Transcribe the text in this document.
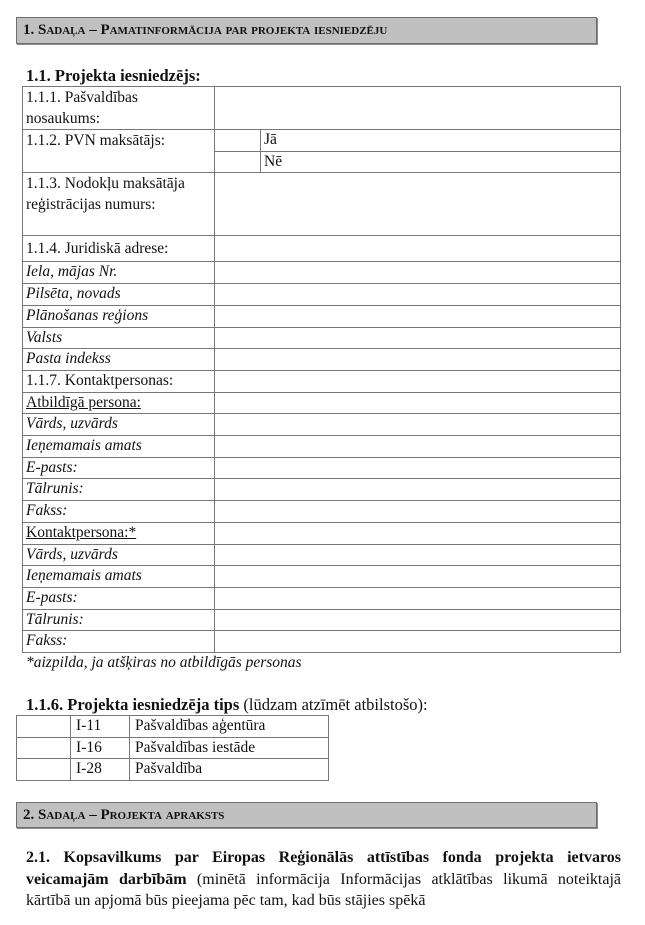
1. Sadaļa – Pamatinformācija par projekta iesniedzēju
1.1. Projekta iesniedzējs:
1.1.1. Pašvaldības nosaukums:		
1.1.2. PVN maksātājs:		Jā
		Nē
1.1.3. Nodokļu maksātāja reģistrācijas numurs:		
1.1.4. Juridiskā adrese:		
Iela, mājas Nr.		
Pilsēta, novads		
Plānošanas reģions		
Valsts		
Pasta indekss		
1.1.7. Kontaktpersonas:		
Atbildīgā persona:		
Vārds, uzvārds		
Ieņemamais amats		
E-pasts:		
Tālrunis:		
Fakss:		
Kontaktpersona:*		
Vārds, uzvārds		
Ieņemamais amats		
E-pasts:		
Tālrunis:		
Fakss:		
*aizpilda, ja atšķiras no atbildīgās personas
1.1.6. Projekta iesniedzēja tips (lūdzam atzīmēt atbilstošo):
	I-11	Pašvaldības aģentūra
	I-16	Pašvaldības iestāde
	I-28	Pašvaldība
2. Sadaļa – Projekta apraksts

2.1. Kopsavilkums par Eiropas Reģionālās attīstības fonda projekta ietvaros veicamajām darbībām (minētā informācija Informācijas atklātības likumā noteiktajā kārtībā un apjomā būs pieejama pēc tam, kad būs stājies spēkā
